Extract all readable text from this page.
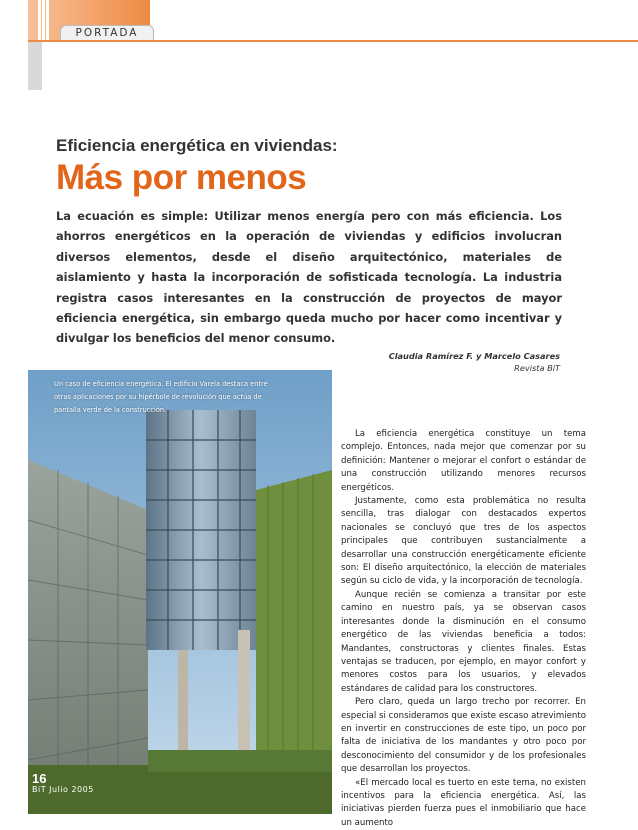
PORTADA
Eficiencia energética en viviendas:
Más por menos
La ecuación es simple: Utilizar menos energía pero con más eficiencia. Los ahorros energéticos en la operación de viviendas y edificios involucran diversos elementos, desde el diseño arquitectónico, materiales de aislamiento y hasta la incorporación de sofisticada tecnología. La industria registra casos interesantes en la construcción de proyectos de mayor eficiencia energética, sin embargo queda mucho por hacer como incentivar y divulgar los beneficios del menor consumo.
Claudia Ramírez F. y Marcelo Casares
Revista BiT
Un caso de eficiencia energética. El edificio Varela destaca entre otras aplicaciones por su hipérbole de revolución que actúa de pantalla verde de la construcción.
16
BiT Julio 2005

La eficiencia energética constituye un tema complejo. Entonces, nada mejor que comenzar por su definición: Mantener o mejorar el confort o estándar de una construcción utilizando menores recursos energéticos.

Justamente, como esta problemática no resulta sencilla, tras dialogar con destacados expertos nacionales se concluyó que tres de los aspectos principales que contribuyen sustancialmente a desarrollar una construcción energéticamente eficiente son: El diseño arquitectónico, la elección de materiales según su ciclo de vida, y la incorporación de tecnología.

Aunque recién se comienza a transitar por este camino en nuestro país, ya se observan casos interesantes donde la disminución en el consumo energético de las viviendas beneficia a todos: Mandantes, constructoras y clientes finales. Estas ventajas se traducen, por ejemplo, en mayor confort y menores costos para los usuarios, y elevados estándares de calidad para los constructores.

Pero claro, queda un largo trecho por recorrer. En especial si consideramos que existe escaso atrevimiento en invertir en construcciones de este tipo, un poco por falta de iniciativa de los mandantes y otro poco por desconocimiento del consumidor y de los profesionales que desarrollan los proyectos.

«El mercado local es tuerto en este tema, no existen incentivos para la eficiencia energética. Así, las iniciativas pierden fuerza pues el inmobiliario que hace un aumento
